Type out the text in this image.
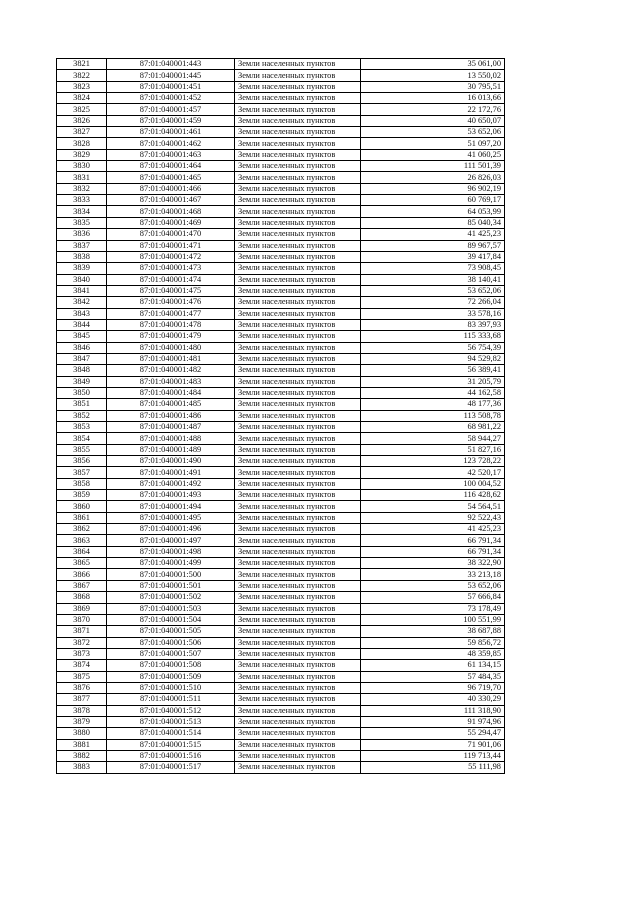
3821	87:01:040001:443	Земли населенных пунктов	35 061,00
3822	87:01:040001:445	Земли населенных пунктов	13 550,02
3823	87:01:040001:451	Земли населенных пунктов	30 795,51
3824	87:01:040001:452	Земли населенных пунктов	16 013,66
3825	87:01:040001:457	Земли населенных пунктов	22 172,76
3826	87:01:040001:459	Земли населенных пунктов	40 650,07
3827	87:01:040001:461	Земли населенных пунктов	53 652,06
3828	87:01:040001:462	Земли населенных пунктов	51 097,20
3829	87:01:040001:463	Земли населенных пунктов	41 060,25
3830	87:01:040001:464	Земли населенных пунктов	111 501,39
3831	87:01:040001:465	Земли населенных пунктов	26 826,03
3832	87:01:040001:466	Земли населенных пунктов	96 902,19
3833	87:01:040001:467	Земли населенных пунктов	60 769,17
3834	87:01:040001:468	Земли населенных пунктов	64 053,99
3835	87:01:040001:469	Земли населенных пунктов	85 040,34
3836	87:01:040001:470	Земли населенных пунктов	41 425,23
3837	87:01:040001:471	Земли населенных пунктов	89 967,57
3838	87:01:040001:472	Земли населенных пунктов	39 417,84
3839	87:01:040001:473	Земли населенных пунктов	73 908,45
3840	87:01:040001:474	Земли населенных пунктов	38 140,41
3841	87:01:040001:475	Земли населенных пунктов	53 652,06
3842	87:01:040001:476	Земли населенных пунктов	72 266,04
3843	87:01:040001:477	Земли населенных пунктов	33 578,16
3844	87:01:040001:478	Земли населенных пунктов	83 397,93
3845	87:01:040001:479	Земли населенных пунктов	115 333,68
3846	87:01:040001:480	Земли населенных пунктов	56 754,39
3847	87:01:040001:481	Земли населенных пунктов	94 529,82
3848	87:01:040001:482	Земли населенных пунктов	56 389,41
3849	87:01:040001:483	Земли населенных пунктов	31 205,79
3850	87:01:040001:484	Земли населенных пунктов	44 162,58
3851	87:01:040001:485	Земли населенных пунктов	48 177,36
3852	87:01:040001:486	Земли населенных пунктов	113 508,78
3853	87:01:040001:487	Земли населенных пунктов	68 981,22
3854	87:01:040001:488	Земли населенных пунктов	58 944,27
3855	87:01:040001:489	Земли населенных пунктов	51 827,16
3856	87:01:040001:490	Земли населенных пунктов	123 728,22
3857	87:01:040001:491	Земли населенных пунктов	42 520,17
3858	87:01:040001:492	Земли населенных пунктов	100 004,52
3859	87:01:040001:493	Земли населенных пунктов	116 428,62
3860	87:01:040001:494	Земли населенных пунктов	54 564,51
3861	87:01:040001:495	Земли населенных пунктов	92 522,43
3862	87:01:040001:496	Земли населенных пунктов	41 425,23
3863	87:01:040001:497	Земли населенных пунктов	66 791,34
3864	87:01:040001:498	Земли населенных пунктов	66 791,34
3865	87:01:040001:499	Земли населенных пунктов	38 322,90
3866	87:01:040001:500	Земли населенных пунктов	33 213,18
3867	87:01:040001:501	Земли населенных пунктов	53 652,06
3868	87:01:040001:502	Земли населенных пунктов	57 666,84
3869	87:01:040001:503	Земли населенных пунктов	73 178,49
3870	87:01:040001:504	Земли населенных пунктов	100 551,99
3871	87:01:040001:505	Земли населенных пунктов	38 687,88
3872	87:01:040001:506	Земли населенных пунктов	59 856,72
3873	87:01:040001:507	Земли населенных пунктов	48 359,85
3874	87:01:040001:508	Земли населенных пунктов	61 134,15
3875	87:01:040001:509	Земли населенных пунктов	57 484,35
3876	87:01:040001:510	Земли населенных пунктов	96 719,70
3877	87:01:040001:511	Земли населенных пунктов	40 330,29
3878	87:01:040001:512	Земли населенных пунктов	111 318,90
3879	87:01:040001:513	Земли населенных пунктов	91 974,96
3880	87:01:040001:514	Земли населенных пунктов	55 294,47
3881	87:01:040001:515	Земли населенных пунктов	71 901,06
3882	87:01:040001:516	Земли населенных пунктов	119 713,44
3883	87:01:040001:517	Земли населенных пунктов	55 111,98
